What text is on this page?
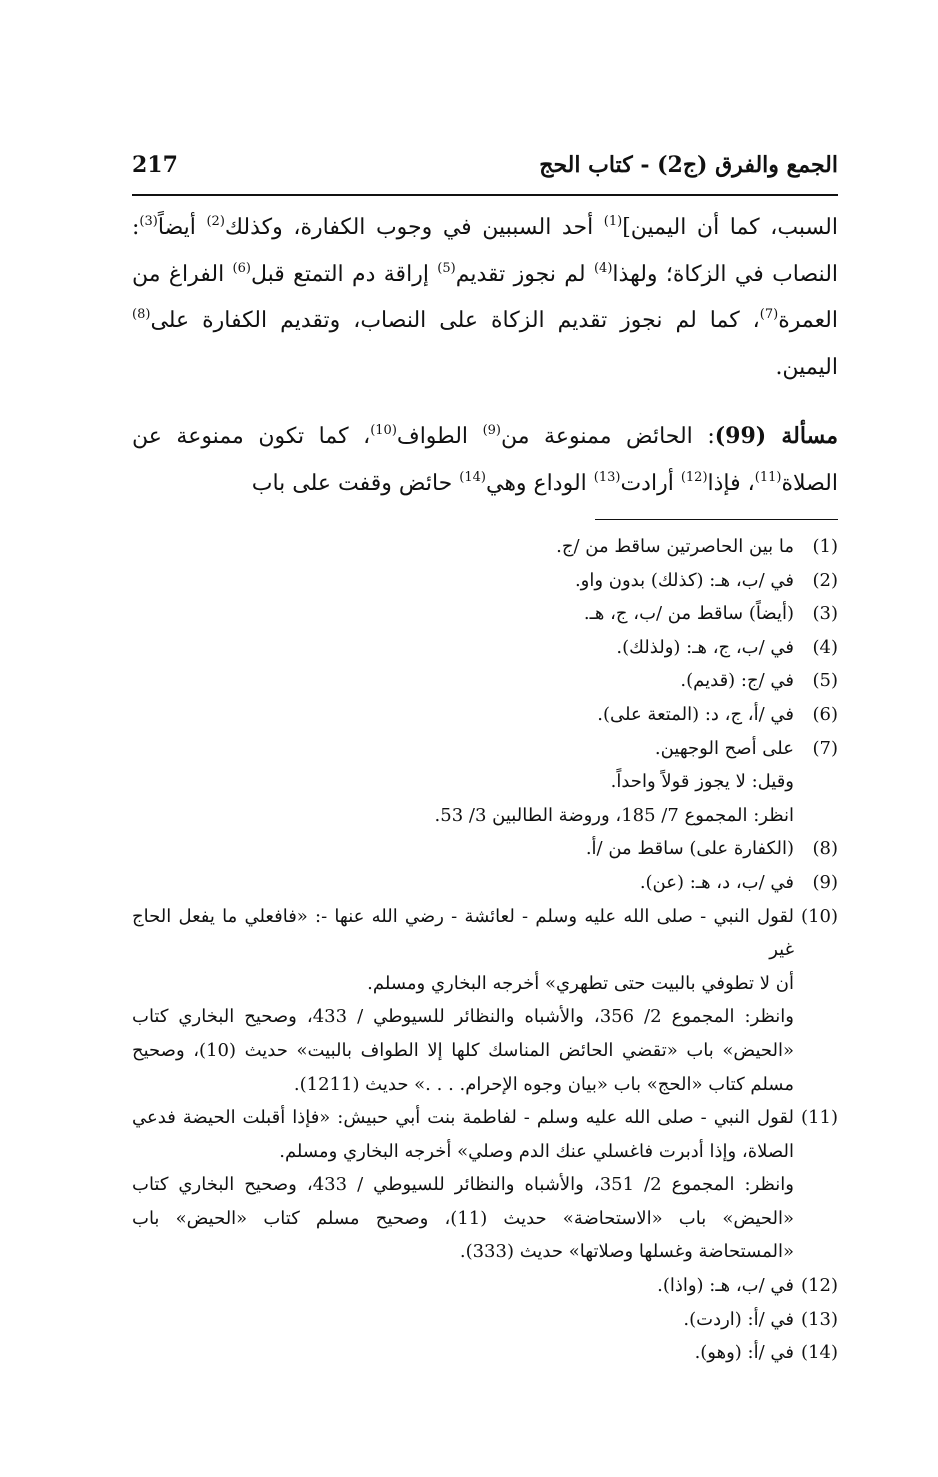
الجمع والفرق (ج2) - كتاب الحج
217

السبب، كما أن اليمين]$^{(1)}$ أحد السببين في وجوب الكفارة، وكذلك$^{(2)}$ أيضاً$^{(3)}$: النصاب في الزكاة؛ ولهذا$^{(4)}$ لم نجوز تقديم$^{(5)}$ إراقة دم التمتع قبل$^{(6)}$ الفراغ من العمرة$^{(7)}$، كما لم نجوز تقديم الزكاة على النصاب، وتقديم الكفارة على$^{(8)}$ اليمين.

مسألة (99): الحائض ممنوعة من$^{(9)}$ الطواف$^{(10)}$، كما تكون ممنوعة عن الصلاة$^{(11)}$، فإذا$^{(12)}$ أرادت$^{(13)}$ الوداع وهي$^{(14)}$ حائض وقفت على باب

(1)
ما بين الحاصرتين ساقط من /ج.
(2)
في /ب، هـ: (كذلك) بدون واو.
(3)
(أيضاً) ساقط من /ب، ج، هـ.
(4)
في /ب، ج، هـ: (ولذلك).
(5)
في /ج: (قديم).
(6)
في /أ، ج، د: (المتعة على).
(7)
على أصح الوجهين.
وقيل: لا يجوز قولاً واحداً.
انظر: المجموع 7/ 185، وروضة الطالبين 3/ 53.
(8)
(الكفارة على) ساقط من /أ.
(9)
في /ب، د، هـ: (عن).
(10)
لقول النبي - صلى الله عليه وسلم - لعائشة - رضي الله عنها -: «فافعلي ما يفعل الحاج غير
أن لا تطوفي بالبيت حتى تطهري» أخرجه البخاري ومسلم.
وانظر: المجموع 2/ 356، والأشباه والنظائر للسيوطي / 433، وصحيح البخاري كتاب
«الحيض» باب «تقضي الحائض المناسك كلها إلا الطواف بالبيت» حديث (10)، وصحيح
مسلم كتاب «الحج» باب «بيان وجوه الإحرام. . . .» حديث (1211).
(11)
لقول النبي - صلى الله عليه وسلم - لفاطمة بنت أبي حبيش: «فإذا أقبلت الحيضة فدعي
الصلاة، وإذا أدبرت فاغسلي عنك الدم وصلي» أخرجه البخاري ومسلم.
وانظر: المجموع 2/ 351، والأشباه والنظائر للسيوطي / 433، وصحيح البخاري كتاب
«الحيض» باب «الاستحاضة» حديث (11)، وصحيح مسلم كتاب «الحيض» باب
«المستحاضة وغسلها وصلاتها» حديث (333).
(12)
في /ب، هـ: (واذا).
(13)
في /أ: (اردت).
(14)
في /أ: (وهو).
